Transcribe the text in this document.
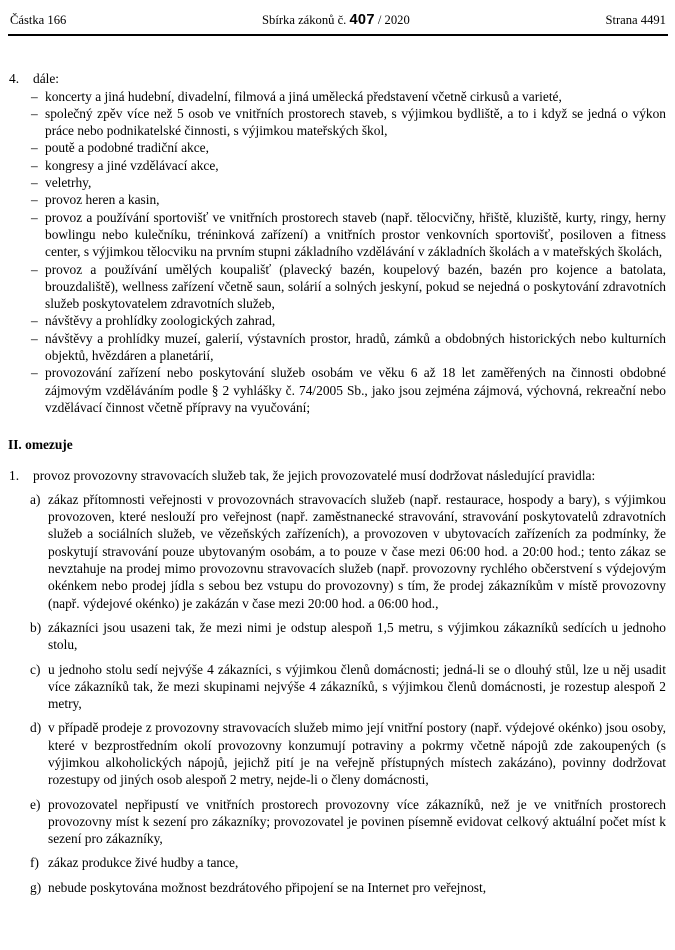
Částka 166	Sbírka zákonů č. 407 / 2020	Strana 4491
4. dále:
– koncerty a jiná hudební, divadelní, filmová a jiná umělecká představení včetně cirkusů a varieté,
– společný zpěv více než 5 osob ve vnitřních prostorech staveb, s výjimkou bydliště, a to i když se jedná o výkon práce nebo podnikatelské činnosti, s výjimkou mateřských škol,
– poutě a podobné tradiční akce,
– kongresy a jiné vzdělávací akce,
– veletrhy,
– provoz heren a kasin,
– provoz a používání sportovišť ve vnitřních prostorech staveb (např. tělocvičny, hřiště, kluziště, kurty, ringy, herny bowlingu nebo kulečníku, tréninková zařízení) a vnitřních prostor venkovních sportovišť, posiloven a fitness center, s výjimkou tělocviku na prvním stupni základního vzdělávání v základních školách a v mateřských školách,
– provoz a používání umělých koupališť (plavecký bazén, koupelový bazén, bazén pro kojence a batolata, brouzdaliště), wellness zařízení včetně saun, solárií a solných jeskyní, pokud se nejedná o poskytování zdravotních služeb poskytovatelem zdravotních služeb,
– návštěvy a prohlídky zoologických zahrad,
– návštěvy a prohlídky muzeí, galerií, výstavních prostor, hradů, zámků a obdobných historických nebo kulturních objektů, hvězdáren a planetárií,
– provozování zařízení nebo poskytování služeb osobám ve věku 6 až 18 let zaměřených na činnosti obdobné zájmovým vzděláváním podle § 2 vyhlášky č. 74/2005 Sb., jako jsou zejména zájmová, výchovná, rekreační nebo vzdělávací činnost včetně přípravy na vyučování;
II. omezuje
1. provoz provozovny stravovacích služeb tak, že jejich provozovatelé musí dodržovat následující pravidla:
a) zákaz přítomnosti veřejnosti v provozovnách stravovacích služeb (např. restaurace, hospody a bary), s výjimkou provozoven, které neslouží pro veřejnost (např. zaměstnanecké stravování, stravování poskytovatelů zdravotních služeb a sociálních služeb, ve vězeňských zařízeních), a provozoven v ubytovacích zařízeních za podmínky, že poskytují stravování pouze ubytovaným osobám, a to pouze v čase mezi 06:00 hod. a 20:00 hod.; tento zákaz se nevztahuje na prodej mimo provozovnu stravovacích služeb (např. provozovny rychlého občerstvení s výdejovým okénkem nebo prodej jídla s sebou bez vstupu do provozovny) s tím, že prodej zákazníkům v místě provozovny (např. výdejové okénko) je zakázán v čase mezi 20:00 hod. a 06:00 hod.,
b) zákazníci jsou usazeni tak, že mezi nimi je odstup alespoň 1,5 metru, s výjimkou zákazníků sedících u jednoho stolu,
c) u jednoho stolu sedí nejvýše 4 zákazníci, s výjimkou členů domácnosti; jedná-li se o dlouhý stůl, lze u něj usadit více zákazníků tak, že mezi skupinami nejvýše 4 zákazníků, s výjimkou členů domácnosti, je rozestup alespoň 2 metry,
d) v případě prodeje z provozovny stravovacích služeb mimo její vnitřní postory (např. výdejové okénko) jsou osoby, které v bezprostředním okolí provozovny konzumují potraviny a pokrmy včetně nápojů zde zakoupených (s výjimkou alkoholických nápojů, jejichž pití je na veřejně přístupných místech zakázáno), povinny dodržovat rozestupy od jiných osob alespoň 2 metry, nejde-li o členy domácnosti,
e) provozovatel nepřipustí ve vnitřních prostorech provozovny více zákazníků, než je ve vnitřních prostorech provozovny míst k sezení pro zákazníky; provozovatel je povinen písemně evidovat celkový aktuální počet míst k sezení pro zákazníky,
f) zákaz produkce živé hudby a tance,
g) nebude poskytována možnost bezdrátového připojení se na Internet pro veřejnost,
